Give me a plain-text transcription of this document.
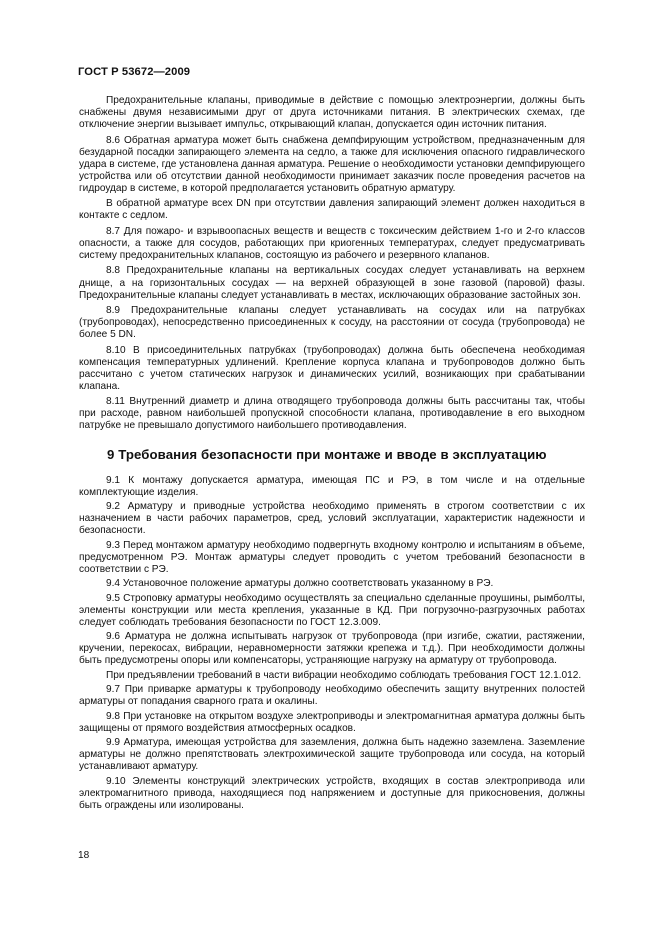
ГОСТ Р 53672—2009

Предохранительные клапаны, приводимые в действие с помощью электроэнергии, должны быть снабжены двумя независимыми друг от друга источниками питания. В электрических схемах, где отключение энергии вызывает импульс, открывающий клапан, допускается один источник питания.

8.6 Обратная арматура может быть снабжена демпфирующим устройством, предназначенным для безударной посадки запирающего элемента на седло, а также для исключения опасного гидравлического удара в системе, где установлена данная арматура. Решение о необходимости установки демпфирующего устройства или об отсутствии данной необходимости принимает заказчик после проведения расчетов на гидроудар в системе, в которой предполагается установить обратную арматуру.

В обратной арматуре всех DN при отсутствии давления запирающий элемент должен находиться в контакте с седлом.

8.7 Для пожаро- и взрывоопасных веществ и веществ с токсическим действием 1-го и 2-го классов опасности, а также для сосудов, работающих при криогенных температурах, следует предусматривать систему предохранительных клапанов, состоящую из рабочего и резервного клапанов.

8.8 Предохранительные клапаны на вертикальных сосудах следует устанавливать на верхнем днище, а на горизонтальных сосудах — на верхней образующей в зоне газовой (паровой) фазы. Предохранительные клапаны следует устанавливать в местах, исключающих образование застойных зон.

8.9 Предохранительные клапаны следует устанавливать на сосудах или на патрубках (трубопроводах), непосредственно присоединенных к сосуду, на расстоянии от сосуда (трубопровода) не более 5 DN.

8.10 В присоединительных патрубках (трубопроводах) должна быть обеспечена необходимая компенсация температурных удлинений. Крепление корпуса клапана и трубопроводов должно быть рассчитано с учетом статических нагрузок и динамических усилий, возникающих при срабатывании клапана.

8.11 Внутренний диаметр и длина отводящего трубопровода должны быть рассчитаны так, чтобы при расходе, равном наибольшей пропускной способности клапана, противодавление в его выходном патрубке не превышало допустимого наибольшего противодавления.

9 Требования безопасности при монтаже и вводе в эксплуатацию

9.1 К монтажу допускается арматура, имеющая ПС и РЭ, в том числе и на отдельные комплектующие изделия.

9.2 Арматуру и приводные устройства необходимо применять в строгом соответствии с их назначением в части рабочих параметров, сред, условий эксплуатации, характеристик надежности и безопасности.

9.3 Перед монтажом арматуру необходимо подвергнуть входному контролю и испытаниям в объеме, предусмотренном РЭ. Монтаж арматуры следует проводить с учетом требований безопасности в соответствии с РЭ.

9.4 Установочное положение арматуры должно соответствовать указанному в РЭ.

9.5 Строповку арматуры необходимо осуществлять за специально сделанные проушины, рымболты, элементы конструкции или места крепления, указанные в КД. При погрузочно-разгрузочных работах следует соблюдать требования безопасности по ГОСТ 12.3.009.

9.6 Арматура не должна испытывать нагрузок от трубопровода (при изгибе, сжатии, растяжении, кручении, перекосах, вибрации, неравномерности затяжки крепежа и т.д.). При необходимости должны быть предусмотрены опоры или компенсаторы, устраняющие нагрузку на арматуру от трубопровода.

При предъявлении требований в части вибрации необходимо соблюдать требования ГОСТ 12.1.012.

9.7 При приварке арматуры к трубопроводу необходимо обеспечить защиту внутренних полостей арматуры от попадания сварного грата и окалины.

9.8 При установке на открытом воздухе электроприводы и электромагнитная арматура должны быть защищены от прямого воздействия атмосферных осадков.

9.9 Арматура, имеющая устройства для заземления, должна быть надежно заземлена. Заземление арматуры не должно препятствовать электрохимической защите трубопровода или сосуда, на который устанавливают арматуру.

9.10 Элементы конструкций электрических устройств, входящих в состав электропривода или электромагнитного привода, находящиеся под напряжением и доступные для прикосновения, должны быть ограждены или изолированы.

18
